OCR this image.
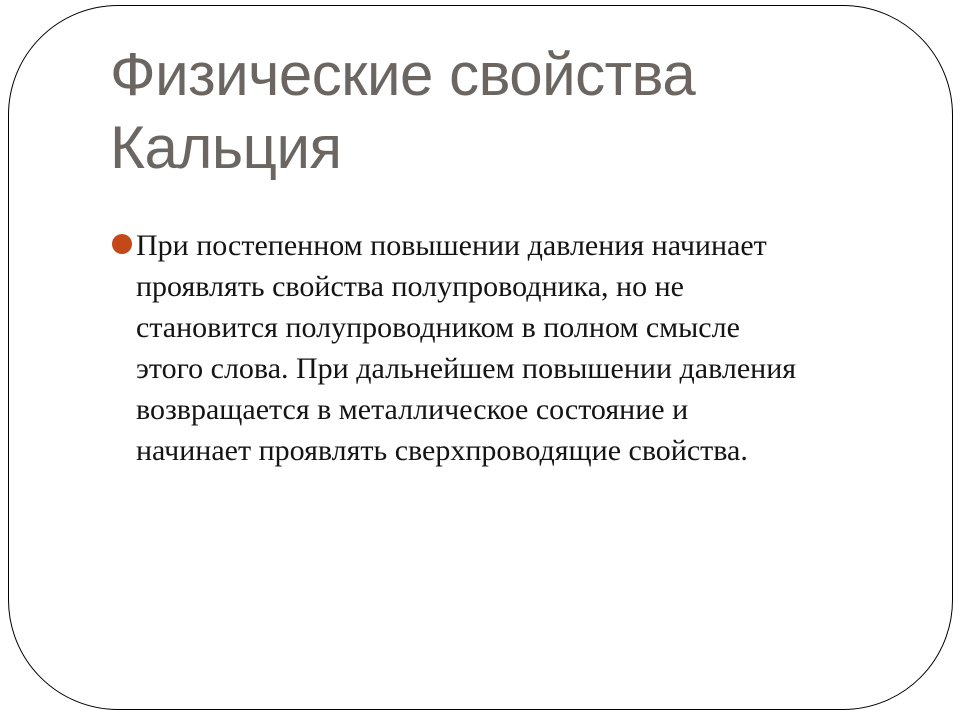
Физические свойства Кальция
При постепенном повышении давления начинает
проявлять свойства полупроводника, но не
становится полупроводником в полном смысле
этого слова. При дальнейшем повышении давления
возвращается в металлическое состояние и
начинает проявлять сверхпроводящие свойства.
